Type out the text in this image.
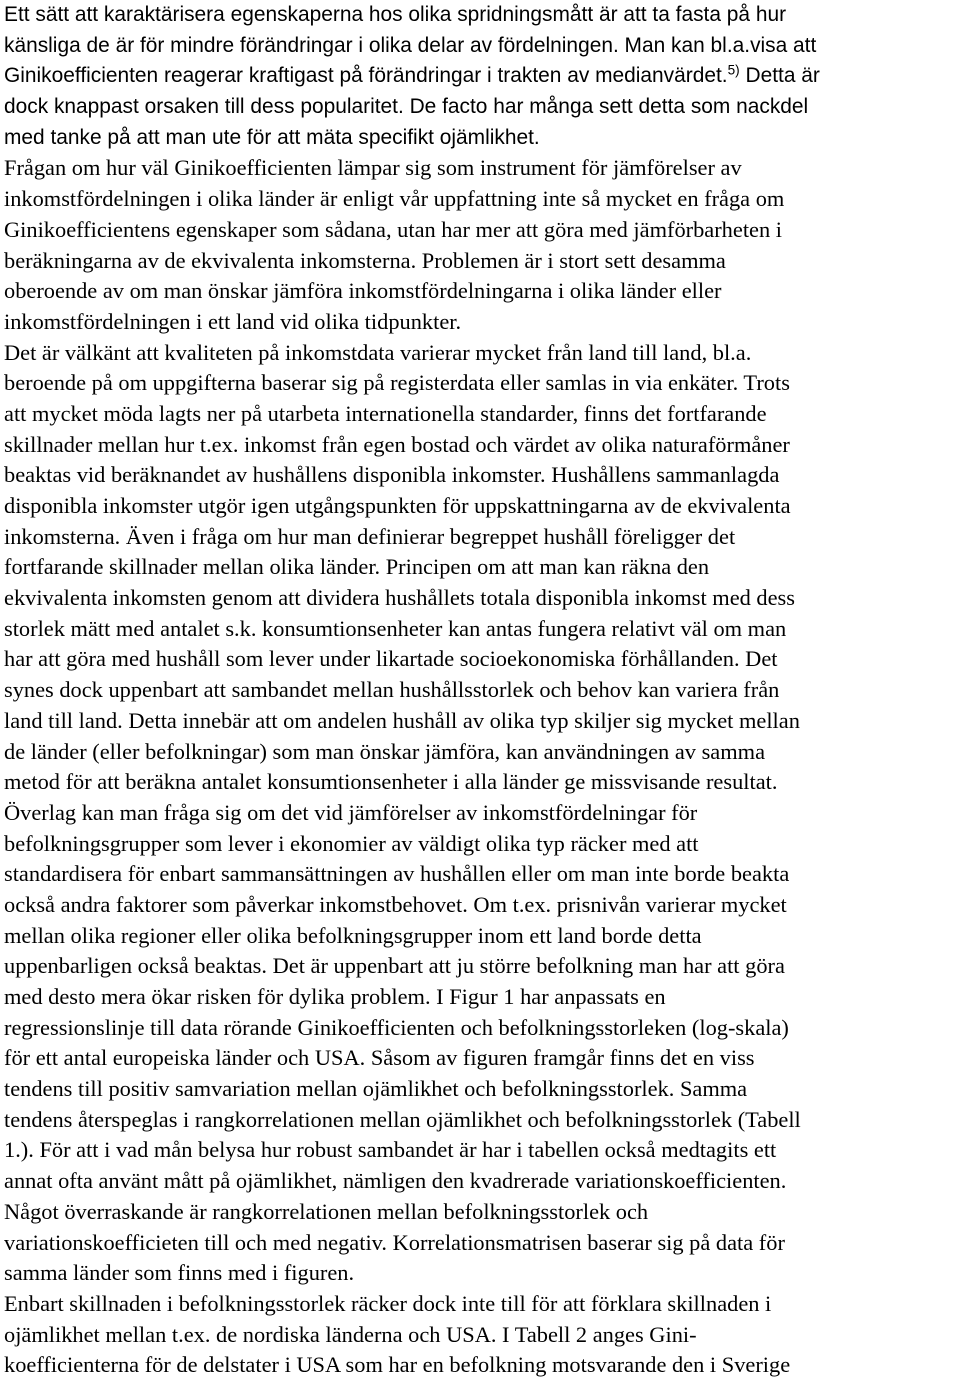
Ett sätt att karaktärisera egenskaperna hos olika spridningsmått är att ta fasta på hur
känsliga de är för mindre förändringar i olika delar av fördelningen. Man kan bl.a.visa att
Ginikoefficienten reagerar kraftigast på förändringar i trakten av medianvärdet.$^{5)}$ Detta är
dock knappast orsaken till dess popularitet. De facto har många sett detta som nackdel
med tanke på att man ute för att mäta specifikt ojämlikhet.
Frågan om hur väl Ginikoefficienten lämpar sig som instrument för jämförelser av
inkomstfördelningen i olika länder är enligt vår uppfattning inte så mycket en fråga om
Ginikoefficientens egenskaper som sådana, utan har mer att göra med jämförbarheten i
beräkningarna av de ekvivalenta inkomsterna. Problemen är i stort sett desamma
oberoende av om man önskar jämföra inkomstfördelningarna i olika länder eller
inkomstfördelningen i ett land vid olika tidpunkter.
Det är välkänt att kvaliteten på inkomstdata varierar mycket från land till land, bl.a.
beroende på om uppgifterna baserar sig på registerdata eller samlas in via enkäter. Trots
att mycket möda lagts ner på utarbeta internationella standarder, finns det fortfarande
skillnader mellan hur t.ex. inkomst från egen bostad och värdet av olika naturaförmåner
beaktas vid beräknandet av hushållens disponibla inkomster. Hushållens sammanlagda
disponibla inkomster utgör igen utgångspunkten för uppskattningarna av de ekvivalenta
inkomsterna. Även i fråga om hur man definierar begreppet hushåll föreligger det
fortfarande skillnader mellan olika länder. Principen om att man kan räkna den
ekvivalenta inkomsten genom att dividera hushållets totala disponibla inkomst med dess
storlek mätt med antalet s.k. konsumtionsenheter kan antas fungera relativt väl om man
har att göra med hushåll som lever under likartade socioekonomiska förhållanden. Det
synes dock uppenbart att sambandet mellan hushållsstorlek och behov kan variera från
land till land. Detta innebär att om andelen hushåll av olika typ skiljer sig mycket mellan
de länder (eller befolkningar) som man önskar jämföra, kan användningen av samma
metod för att beräkna antalet konsumtionsenheter i alla länder ge missvisande resultat.
Överlag kan man fråga sig om det vid jämförelser av inkomstfördelningar för
befolkningsgrupper som lever i ekonomier av väldigt olika typ räcker med att
standardisera för enbart sammansättningen av hushållen eller om man inte borde beakta
också andra faktorer som påverkar inkomstbehovet. Om t.ex. prisnivån varierar mycket
mellan olika regioner eller olika befolkningsgrupper inom ett land borde detta
uppenbarligen också beaktas. Det är uppenbart att ju större befolkning man har att göra
med desto mera ökar risken för dylika problem. I Figur 1 har anpassats en
regressionslinje till data rörande Ginikoefficienten och befolkningsstorleken (log-skala)
för ett antal europeiska länder och USA. Såsom av figuren framgår finns det en viss
tendens till positiv samvariation mellan ojämlikhet och befolkningsstorlek. Samma
tendens återspeglas i rangkorrelationen mellan ojämlikhet och befolkningsstorlek (Tabell
1.). För att i vad mån belysa hur robust sambandet är har i tabellen också medtagits ett
annat ofta använt mått på ojämlikhet, nämligen den kvadrerade variationskoefficienten.
Något överraskande är rangkorrelationen mellan befolkningsstorlek och
variationskoefficieten till och med negativ. Korrelationsmatrisen baserar sig på data för
samma länder som finns med i figuren.
Enbart skillnaden i befolkningsstorlek räcker dock inte till för att förklara skillnaden i
ojämlikhet mellan t.ex. de nordiska länderna och USA. I Tabell 2 anges Gini-
koefficienterna för de delstater i USA som har en befolkning motsvarande den i Sverige
